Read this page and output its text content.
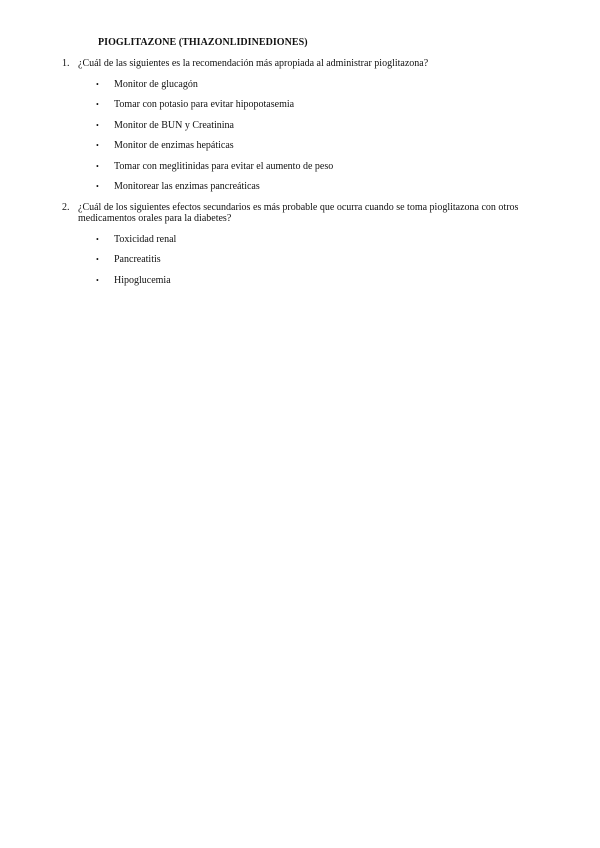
PIOGLITAZONE (THIAZONLIDINEDIONES)
1. ¿Cuál de las siguientes es la recomendación más apropiada al administrar pioglitazona?
• Monitor de glucagón
• Tomar con potasio para evitar hipopotasemia
• Monitor de BUN y Creatinina
• Monitor de enzimas hepáticas
• Tomar con meglitinidas para evitar el aumento de peso
• Monitorear las enzimas pancreáticas
2. ¿Cuál de los siguientes efectos secundarios es más probable que ocurra cuando se toma pioglitazona con otros medicamentos orales para la diabetes?
• Toxicidad renal
• Pancreatitis
• Hipoglucemia
